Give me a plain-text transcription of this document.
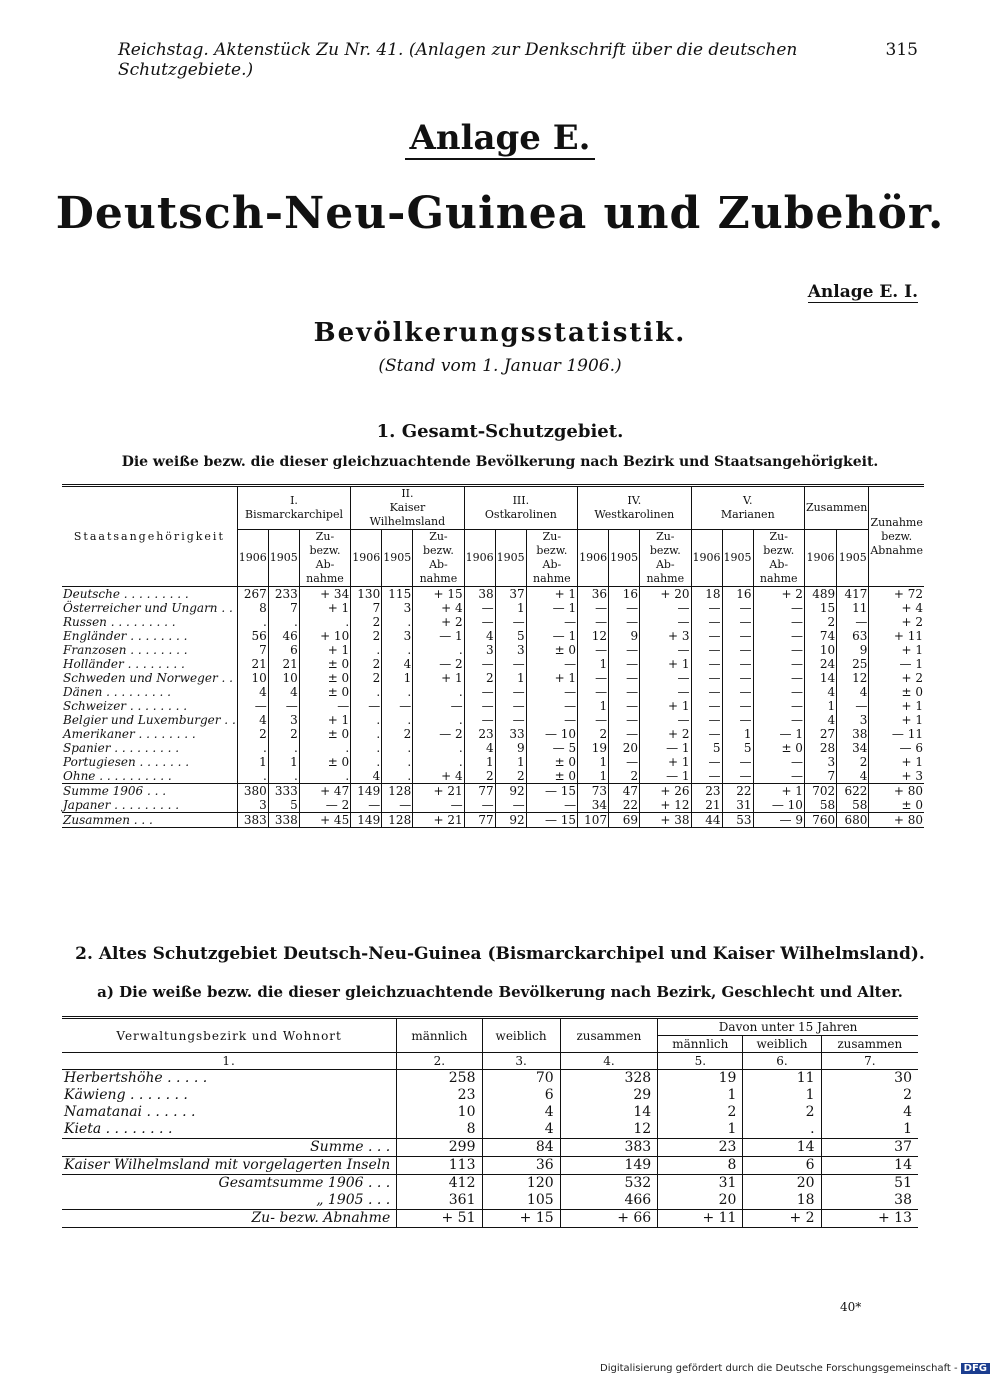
Reichstag. Aktenstück Zu Nr. 41. (Anlagen zur Denkschrift über die deutschen Schutzgebiete.)
315
Anlage E.
Deutsch-Neu-Guinea und Zubehör.
Anlage E. I.
Bevölkerungsstatistik.
(Stand vom 1. Januar 1906.)
1. Gesamt-Schutzgebiet.
Die weiße bezw. die dieser gleichzuachtende Bevölkerung nach Bezirk und Staatsangehörigkeit.
Staatsangehörigkeit	I.
Bismarckarchipel			II.
Kaiser Wilhelmsland			III.
Ostkarolinen			IV.
Westkarolinen			V.
Marianen			Zusammen		Zunahme bezw. Abnahme
	1906	1905	Zu- bezw. Ab- nahme	1906	1905	Zu- bezw. Ab- nahme	1906	1905	Zu- bezw. Ab- nahme	1906	1905	Zu- bezw. Ab- nahme	1906	1905	Zu- bezw. Ab- nahme	1906	1905	
Deutsche . . . . . . . . .	267	233	+ 34	130	115	+ 15	38	37	+ 1	36	16	+ 20	18	16	+ 2	489	417	+ 72
Österreicher und Ungarn . .	8	7	+ 1	7	3	+ 4	—	1	— 1	—	—	—	—	—	—	15	11	+ 4
Russen . . . . . . . . .	.	.	.	2	.	+ 2	—	—	—	—	—	—	—	—	—	2	—	+ 2
Engländer . . . . . . . .	56	46	+ 10	2	3	— 1	4	5	— 1	12	9	+ 3	—	—	—	74	63	+ 11
Franzosen . . . . . . . .	7	6	+ 1	.	.	.	3	3	± 0	—	—	—	—	—	—	10	9	+ 1
Holländer . . . . . . . .	21	21	± 0	2	4	— 2	—	—	—	1	—	+ 1	—	—	—	24	25	— 1
Schweden und Norweger . .	10	10	± 0	2	1	+ 1	2	1	+ 1	—	—	—	—	—	—	14	12	+ 2
Dänen . . . . . . . . .	4	4	± 0	.	.	.	—	—	—	—	—	—	—	—	—	4	4	± 0
Schweizer . . . . . . . .	—	—	—	—	—	—	—	—	—	1	—	+ 1	—	—	—	1	—	+ 1
Belgier und Luxemburger . .	4	3	+ 1	.	.	.	—	—	—	—	—	—	—	—	—	4	3	+ 1
Amerikaner . . . . . . . .	2	2	± 0	.	2	— 2	23	33	— 10	2	—	+ 2	—	1	— 1	27	38	— 11
Spanier . . . . . . . . .	.	.	.	.	.	.	4	9	— 5	19	20	— 1	5	5	± 0	28	34	— 6
Portugiesen . . . . . . .	1	1	± 0	.	.	.	1	1	± 0	1	—	+ 1	—	—	—	3	2	+ 1
Ohne . . . . . . . . . .	.	.	.	4	.	+ 4	2	2	± 0	1	2	— 1	—	—	—	7	4	+ 3
Summe 1906 . . .	380	333	+ 47	149	128	+ 21	77	92	— 15	73	47	+ 26	23	22	+ 1	702	622	+ 80
Japaner . . . . . . . . .	3	5	— 2	—	—	—	—	—	—	34	22	+ 12	21	31	— 10	58	58	± 0
Zusammen . . .	383	338	+ 45	149	128	+ 21	77	92	— 15	107	69	+ 38	44	53	— 9	760	680	+ 80
2. Altes Schutzgebiet Deutsch-Neu-Guinea (Bismarckarchipel und Kaiser Wilhelmsland).
a) Die weiße bezw. die dieser gleichzuachtende Bevölkerung nach Bezirk, Geschlecht und Alter.
Verwaltungsbezirk und Wohnort	männlich	weiblich	zusammen	Davon unter 15 Jahren		
				männlich	weiblich	zusammen
1.	2.	3.	4.	5.	6.	7.
Herbertshöhe . . . . .	258	70	328	19	11	30
Käwieng . . . . . . .	23	6	29	1	1	2
Namatanai . . . . . .	10	4	14	2	2	4
Kieta . . . . . . . .	8	4	12	1	.	1
Summe . . .	299	84	383	23	14	37
Kaiser Wilhelmsland mit vorgelagerten Inseln	113	36	149	8	6	14
Gesamtsumme 1906 . . .	412	120	532	31	20	51
„ 1905 . . .	361	105	466	20	18	38
Zu- bezw. Abnahme	+ 51	+ 15	+ 66	+ 11	+ 2	+ 13
40*
Digitalisierung gefördert durch die Deutsche Forschungsgemeinschaft - DFG
